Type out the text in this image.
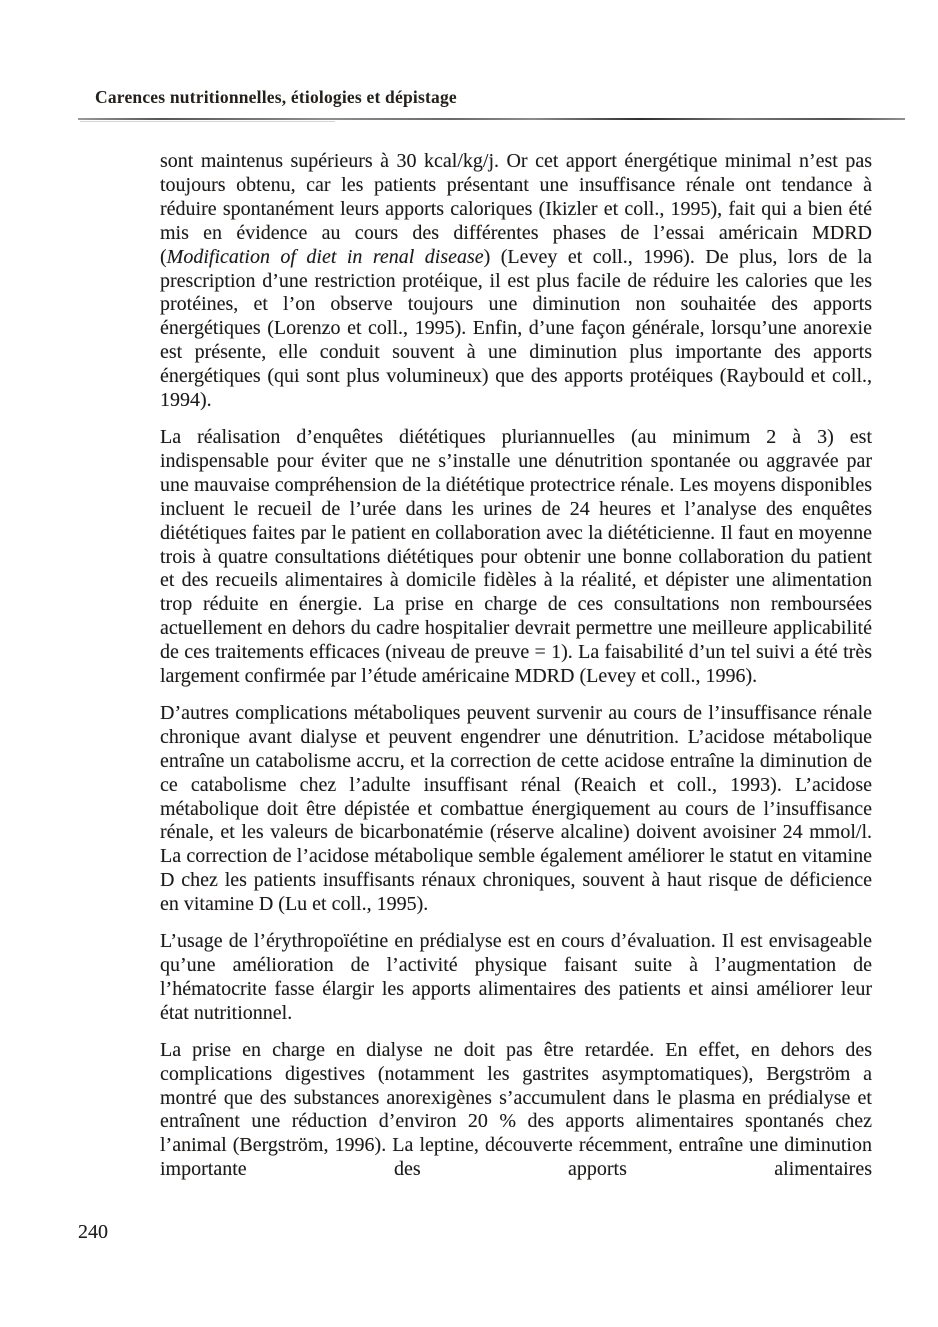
Carences nutritionnelles, étiologies et dépistage

sont maintenus supérieurs à 30 kcal/kg/j. Or cet apport énergétique minimal n’est pas toujours obtenu, car les patients présentant une insuffisance rénale ont tendance à réduire spontanément leurs apports caloriques (Ikizler et coll., 1995), fait qui a bien été mis en évidence au cours des différentes phases de l’essai américain MDRD (Modification of diet in renal disease) (Levey et coll., 1996). De plus, lors de la prescription d’une restriction protéique, il est plus facile de réduire les calories que les protéines, et l’on observe toujours une diminution non souhaitée des apports énergétiques (Lorenzo et coll., 1995). Enfin, d’une façon générale, lorsqu’une anorexie est présente, elle conduit souvent à une diminution plus importante des apports énergétiques (qui sont plus volumineux) que des apports protéiques (Raybould et coll., 1994).

La réalisation d’enquêtes diététiques pluriannuelles (au minimum 2 à 3) est indispensable pour éviter que ne s’installe une dénutrition spontanée ou aggravée par une mauvaise compréhension de la diététique protectrice rénale. Les moyens disponibles incluent le recueil de l’urée dans les urines de 24 heures et l’analyse des enquêtes diététiques faites par le patient en collaboration avec la diététicienne. Il faut en moyenne trois à quatre consultations diététiques pour obtenir une bonne collaboration du patient et des recueils alimentaires à domicile fidèles à la réalité, et dépister une alimentation trop réduite en énergie. La prise en charge de ces consultations non remboursées actuellement en dehors du cadre hospitalier devrait permettre une meilleure applicabilité de ces traitements efficaces (niveau de preuve = 1). La faisabilité d’un tel suivi a été très largement confirmée par l’étude américaine MDRD (Levey et coll., 1996).

D’autres complications métaboliques peuvent survenir au cours de l’insuffisance rénale chronique avant dialyse et peuvent engendrer une dénutrition. L’acidose métabolique entraîne un catabolisme accru, et la correction de cette acidose entraîne la diminution de ce catabolisme chez l’adulte insuffisant rénal (Reaich et coll., 1993). L’acidose métabolique doit être dépistée et combattue énergiquement au cours de l’insuffisance rénale, et les valeurs de bicarbonatémie (réserve alcaline) doivent avoisiner 24 mmol/l. La correction de l’acidose métabolique semble également améliorer le statut en vitamine D chez les patients insuffisants rénaux chroniques, souvent à haut risque de déficience en vitamine D (Lu et coll., 1995).

L’usage de l’érythropoïétine en prédialyse est en cours d’évaluation. Il est envisageable qu’une amélioration de l’activité physique faisant suite à l’augmentation de l’hématocrite fasse élargir les apports alimentaires des patients et ainsi améliorer leur état nutritionnel.

La prise en charge en dialyse ne doit pas être retardée. En effet, en dehors des complications digestives (notamment les gastrites asymptomatiques), Bergström a montré que des substances anorexigènes s’accumulent dans le plasma en prédialyse et entraînent une réduction d’environ 20 % des apports alimentaires spontanés chez l’animal (Bergström, 1996). La leptine, découverte récemment, entraîne une diminution importante des apports alimentaires

240
